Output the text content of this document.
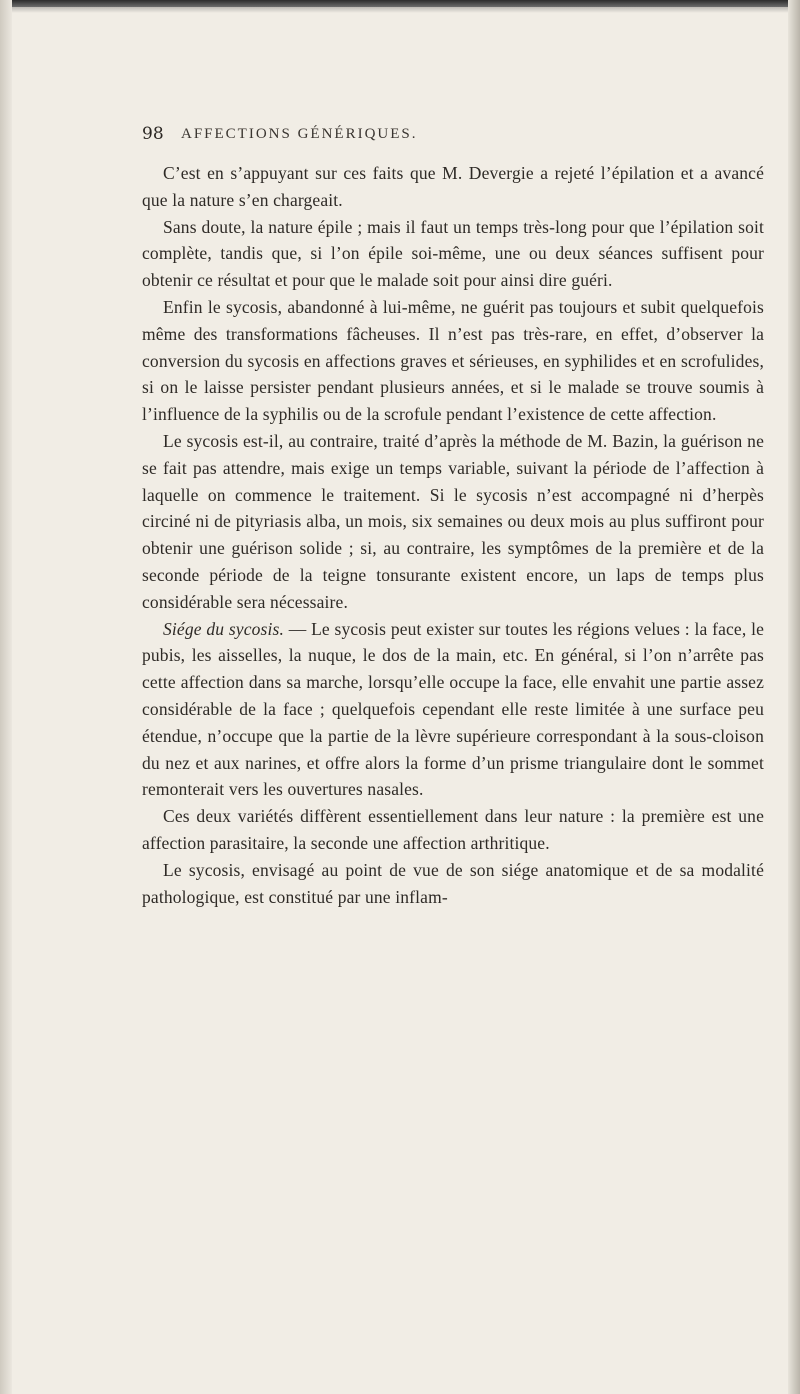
98 AFFECTIONS GÉNÉRIQUES.

C’est en s’appuyant sur ces faits que M. Devergie a rejeté l’épilation et a avancé que la nature s’en chargeait.

Sans doute, la nature épile ; mais il faut un temps très-long pour que l’épilation soit complète, tandis que, si l’on épile soi-même, une ou deux séances suffisent pour obtenir ce résultat et pour que le malade soit pour ainsi dire guéri.

Enfin le sycosis, abandonné à lui-même, ne guérit pas toujours et subit quelquefois même des transformations fâcheuses. Il n’est pas très-rare, en effet, d’observer la conversion du sycosis en affections graves et sérieuses, en syphilides et en scrofulides, si on le laisse persister pendant plusieurs années, et si le malade se trouve soumis à l’influence de la syphilis ou de la scrofule pendant l’existence de cette affection.

Le sycosis est-il, au contraire, traité d’après la méthode de M. Bazin, la guérison ne se fait pas attendre, mais exige un temps variable, suivant la période de l’affection à laquelle on commence le traitement. Si le sycosis n’est accompagné ni d’herpès circiné ni de pityriasis alba, un mois, six semaines ou deux mois au plus suffiront pour obtenir une guérison solide ; si, au contraire, les symptômes de la première et de la seconde période de la teigne tonsurante existent encore, un laps de temps plus considérable sera nécessaire.

Siége du sycosis. — Le sycosis peut exister sur toutes les régions velues : la face, le pubis, les aisselles, la nuque, le dos de la main, etc. En général, si l’on n’arrête pas cette affection dans sa marche, lorsqu’elle occupe la face, elle envahit une partie assez considérable de la face ; quelquefois cependant elle reste limitée à une surface peu étendue, n’occupe que la partie de la lèvre supérieure correspondant à la sous-cloison du nez et aux narines, et offre alors la forme d’un prisme triangulaire dont le sommet remonterait vers les ouvertures nasales.

Ces deux variétés diffèrent essentiellement dans leur nature : la première est une affection parasitaire, la seconde une affection arthritique.

Le sycosis, envisagé au point de vue de son siége anatomique et de sa modalité pathologique, est constitué par une inflam-
